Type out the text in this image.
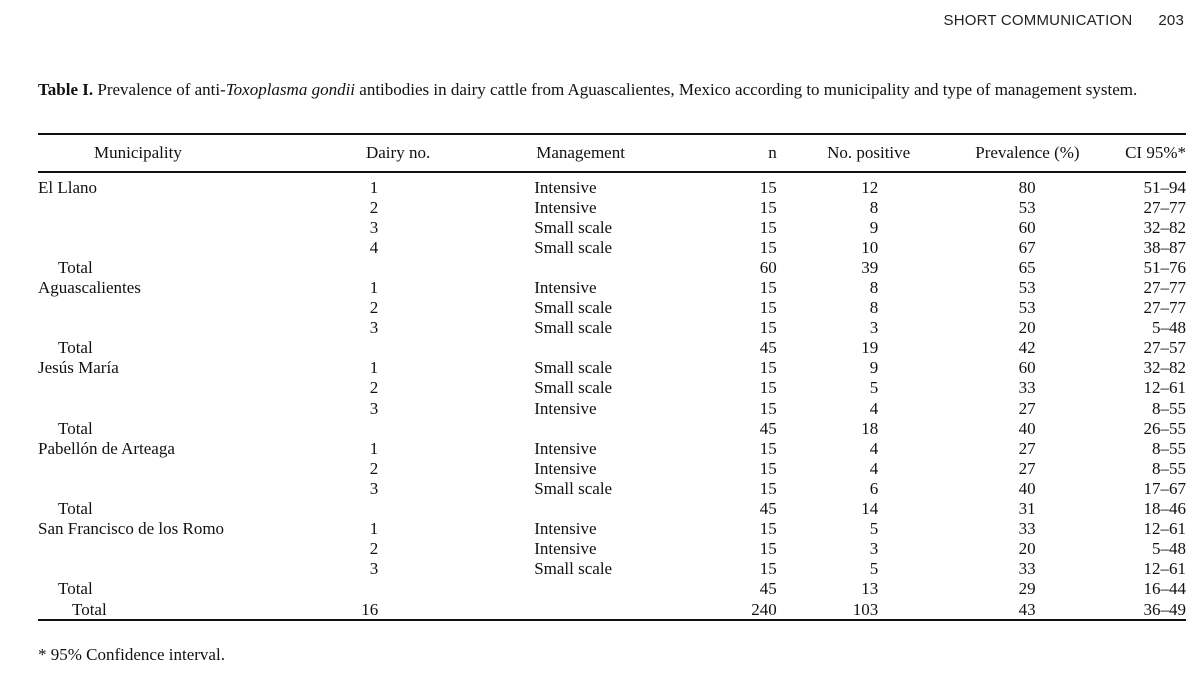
SHORT COMMUNICATION 203
Table I. Prevalence of anti-Toxoplasma gondii antibodies in dairy cattle from Aguascalientes, Mexico according to municipality and type of management system.
Municipality	Dairy no.	Management	n	No. positive	Prevalence (%)	CI 95%*
El Llano	1	Intensive	15	12	80	51–94
	2	Intensive	15	8	53	27–77
	3	Small scale	15	9	60	32–82
	4	Small scale	15	10	67	38–87
Total			60	39	65	51–76
Aguascalientes	1	Intensive	15	8	53	27–77
	2	Small scale	15	8	53	27–77
	3	Small scale	15	3	20	5–48
Total			45	19	42	27–57
Jesús María	1	Small scale	15	9	60	32–82
	2	Small scale	15	5	33	12–61
	3	Intensive	15	4	27	8–55
Total			45	18	40	26–55
Pabellón de Arteaga	1	Intensive	15	4	27	8–55
	2	Intensive	15	4	27	8–55
	3	Small scale	15	6	40	17–67
Total			45	14	31	18–46
San Francisco de los Romo	1	Intensive	15	5	33	12–61
	2	Intensive	15	3	20	5–48
	3	Small scale	15	5	33	12–61
Total			45	13	29	16–44
Total	16		240	103	43	36–49
* 95% Confidence interval.
